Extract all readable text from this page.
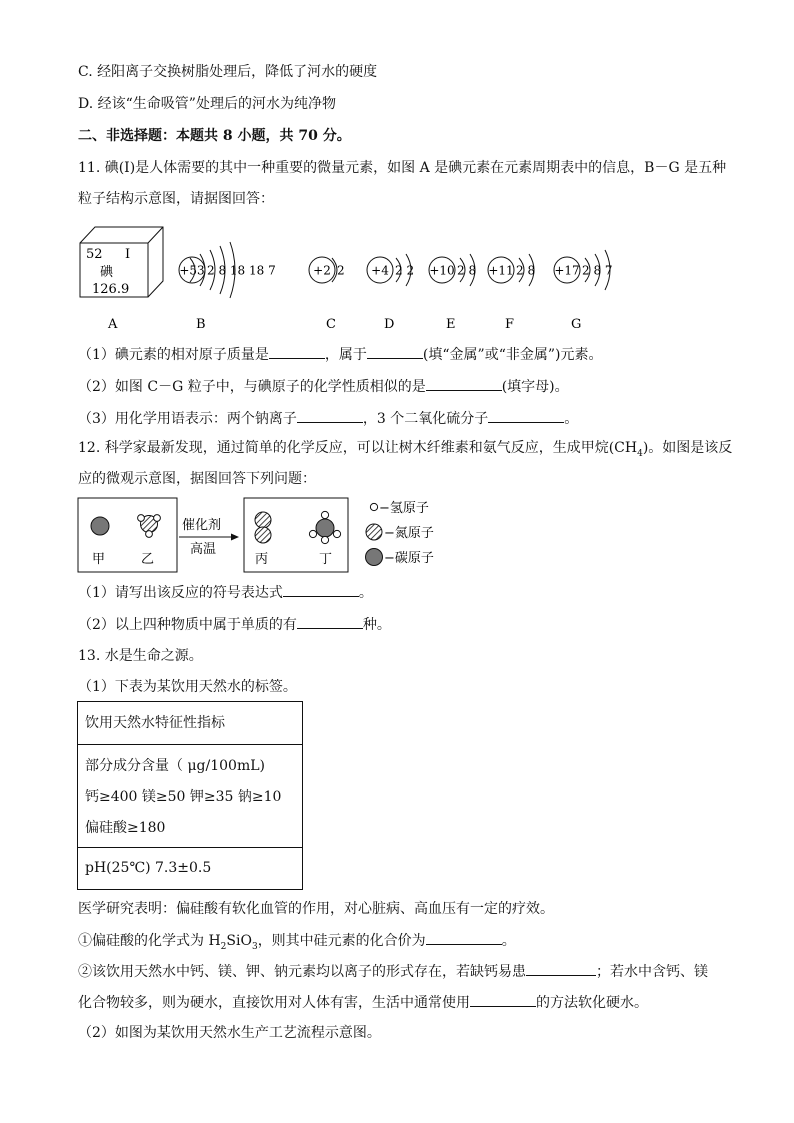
C. 经阳离子交换树脂处理后，降低了河水的硬度
D. 经该“生命吸管”处理后的河水为纯净物
二、非选择题：本题共 8 小题，共 70 分。
11. 碘(I)是人体需要的其中一种重要的微量元素，如图 A 是碘元素在元素周期表中的信息，B－G 是五种
粒子结构示意图，请据图回答：
52 I
碘
126.9
A
+53 2 8 18 18 7
B
+2 2
C
+4 2 2
D
+10 2 8
E
+11 2 8
F
+17 2 8 7
G
（1）碘元素的相对原子质量是	，属于	(填“金属”或“非金属”)元素。
（2）如图 C－G 粒子中，与碘原子的化学性质相似的是	(填字母)。
（3）用化学用语表示：两个钠离子	，3 个二氧化硫分子	。
12. 科学家最新发现，通过简单的化学反应，可以让树木纤维素和氨气反应，生成甲烷$(CH_4)$。如图是该反
应的微观示意图，据图回答下列问题：
甲	乙
催化剂
高温
丙	丁
−氢原子
−氮原子
−碳原子
（1）请写出该反应的符号表达式	。
（2）以上四种物质中属于单质的有	种。
13. 水是生命之源。
（1）下表为某饮用天然水的标签。
饮用天然水特征性指标
部分成分含量（ μg/100mL)
钙≥400 镁≥50 钾≥35 钠≥10
偏硅酸≥180
pH(25℃) 7.3±0.5
医学研究表明：偏硅酸有软化血管的作用，对心脏病、高血压有一定的疗效。
①偏硅酸的化学式为 $H_2SiO_3$，则其中硅元素的化合价为	。
②该饮用天然水中钙、镁、钾、钠元素均以离子的形式存在，若缺钙易患	；若水中含钙、镁
化合物较多，则为硬水，直接饮用对人体有害，生活中通常使用	的方法软化硬水。
（2）如图为某饮用天然水生产工艺流程示意图。
